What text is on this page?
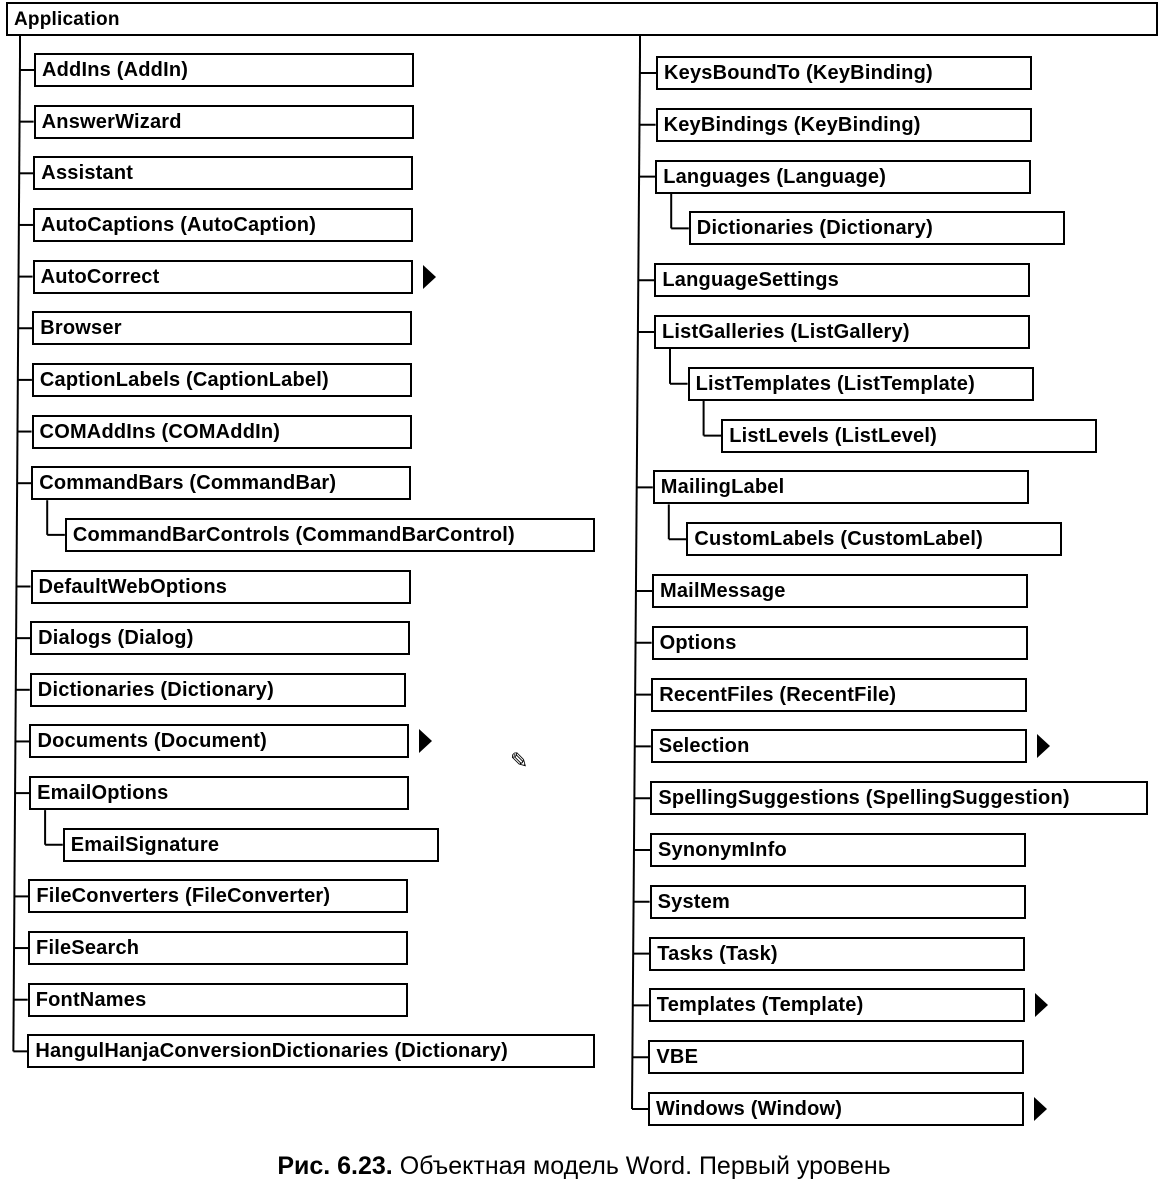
Application
AddIns (AddIn)
AnswerWizard
Assistant
AutoCaptions (AutoCaption)
AutoCorrect
Browser
CaptionLabels (CaptionLabel)
COMAddIns (COMAddIn)
CommandBars (CommandBar)
CommandBarControls (CommandBarControl)
DefaultWebOptions
Dialogs (Dialog)
Dictionaries (Dictionary)
Documents (Document)
EmailOptions
EmailSignature
FileConverters (FileConverter)
FileSearch
FontNames
HangulHanjaConversionDictionaries (Dictionary)
KeysBoundTo (KeyBinding)
KeyBindings (KeyBinding)
Languages (Language)
Dictionaries (Dictionary)
LanguageSettings
ListGalleries (ListGallery)
ListTemplates (ListTemplate)
ListLevels (ListLevel)
MailingLabel
CustomLabels (CustomLabel)
MailMessage
Options
RecentFiles (RecentFile)
Selection
SpellingSuggestions (SpellingSuggestion)
SynonymInfo
System
Tasks (Task)
Templates (Template)
VBE
Windows (Window)
✎
Рис. 6.23. Объектная модель Word. Первый уровень
